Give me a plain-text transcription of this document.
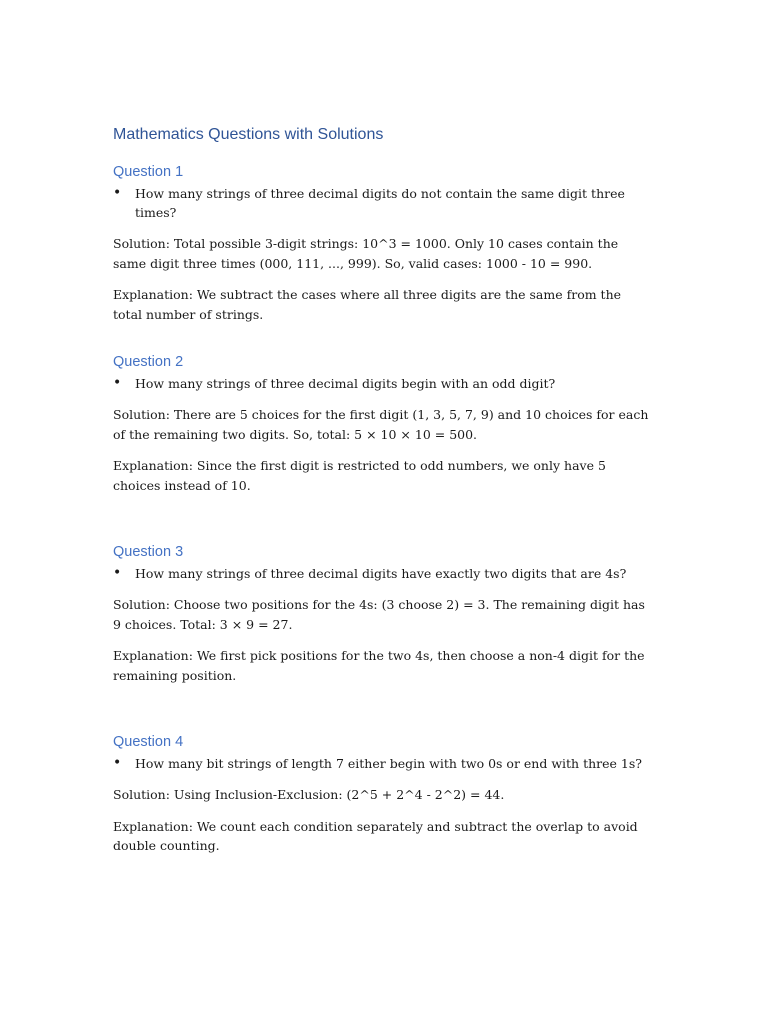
Mathematics Questions with Solutions
Question 1
•	How many strings of three decimal digits do not contain the same digit three times?

Solution: Total possible 3-digit strings: 10^3 = 1000. Only 10 cases contain the same digit three times (000, 111, ..., 999). So, valid cases: 1000 - 10 = 990.

Explanation: We subtract the cases where all three digits are the same from the total number of strings.

Question 2
•	How many strings of three decimal digits begin with an odd digit?

Solution: There are 5 choices for the first digit (1, 3, 5, 7, 9) and 10 choices for each of the remaining two digits. So, total: 5 × 10 × 10 = 500.

Explanation: Since the first digit is restricted to odd numbers, we only have 5 choices instead of 10.

Question 3
•	How many strings of three decimal digits have exactly two digits that are 4s?

Solution: Choose two positions for the 4s: (3 choose 2) = 3. The remaining digit has 9 choices. Total: 3 × 9 = 27.

Explanation: We first pick positions for the two 4s, then choose a non-4 digit for the remaining position.

Question 4
•	How many bit strings of length 7 either begin with two 0s or end with three 1s?

Solution: Using Inclusion-Exclusion: (2^5 + 2^4 - 2^2) = 44.

Explanation: We count each condition separately and subtract the overlap to avoid double counting.
